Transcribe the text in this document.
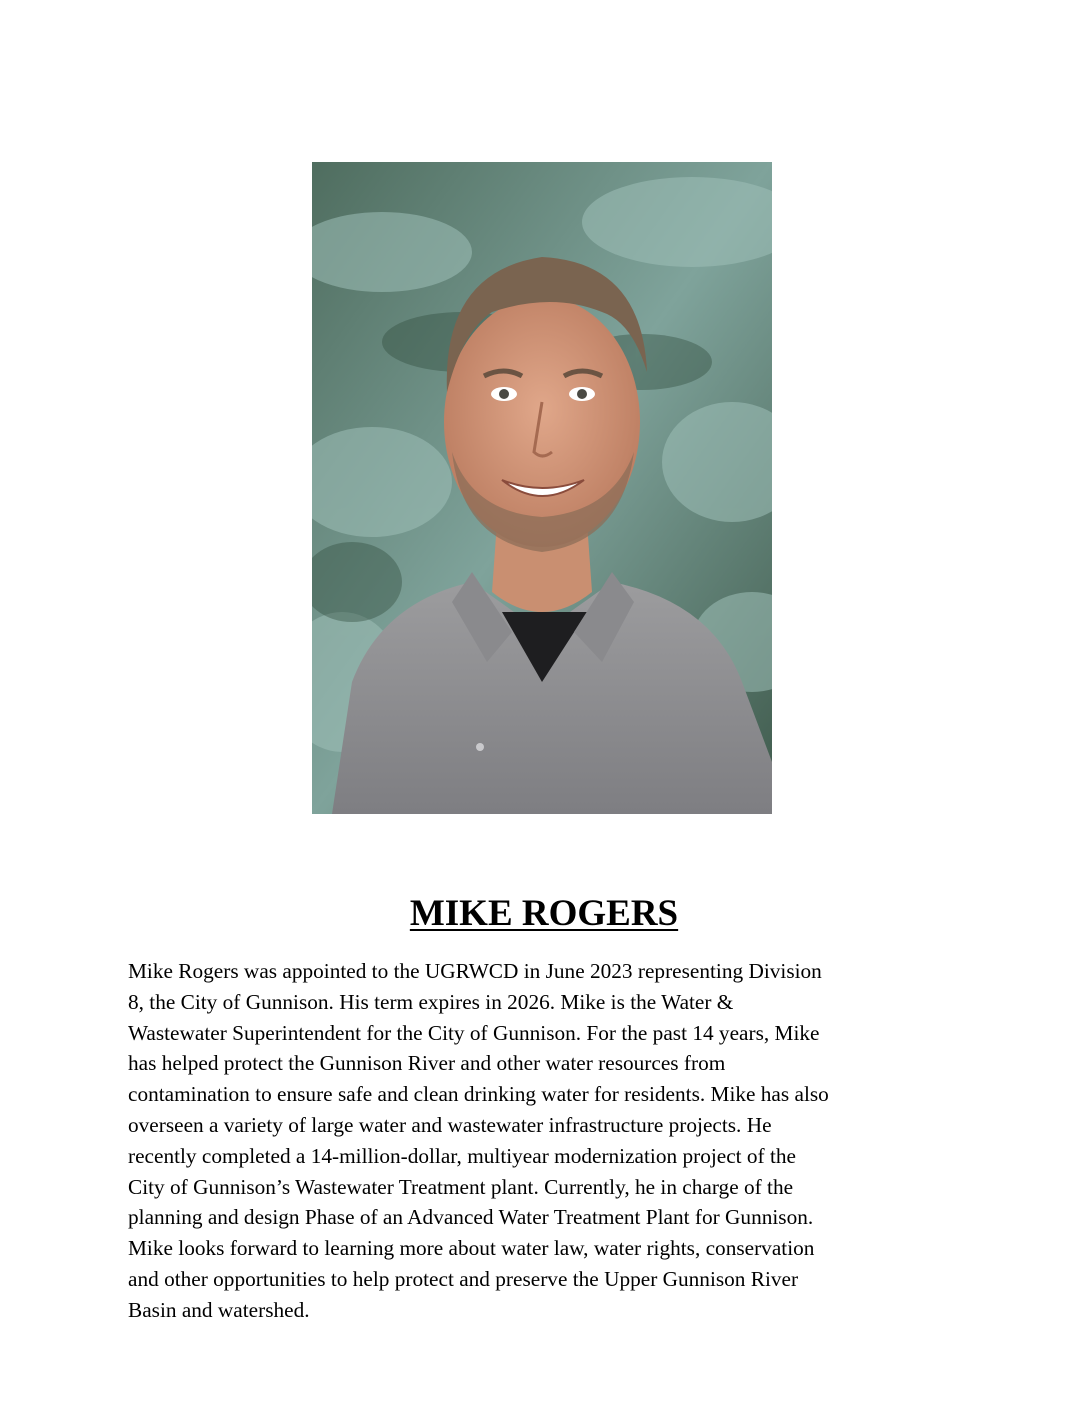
MIKE ROGERS
Mike Rogers was appointed to the UGRWCD in June 2023 representing Division
8, the City of Gunnison. His term expires in 2026. Mike is the Water &
Wastewater Superintendent for the City of Gunnison. For the past 14 years, Mike
has helped protect the Gunnison River and other water resources from
contamination to ensure safe and clean drinking water for residents. Mike has also
overseen a variety of large water and wastewater infrastructure projects. He
recently completed a 14-million-dollar, multiyear modernization project of the
City of Gunnison’s Wastewater Treatment plant. Currently, he in charge of the
planning and design Phase of an Advanced Water Treatment Plant for Gunnison.
Mike looks forward to learning more about water law, water rights, conservation
and other opportunities to help protect and preserve the Upper Gunnison River
Basin and watershed.
